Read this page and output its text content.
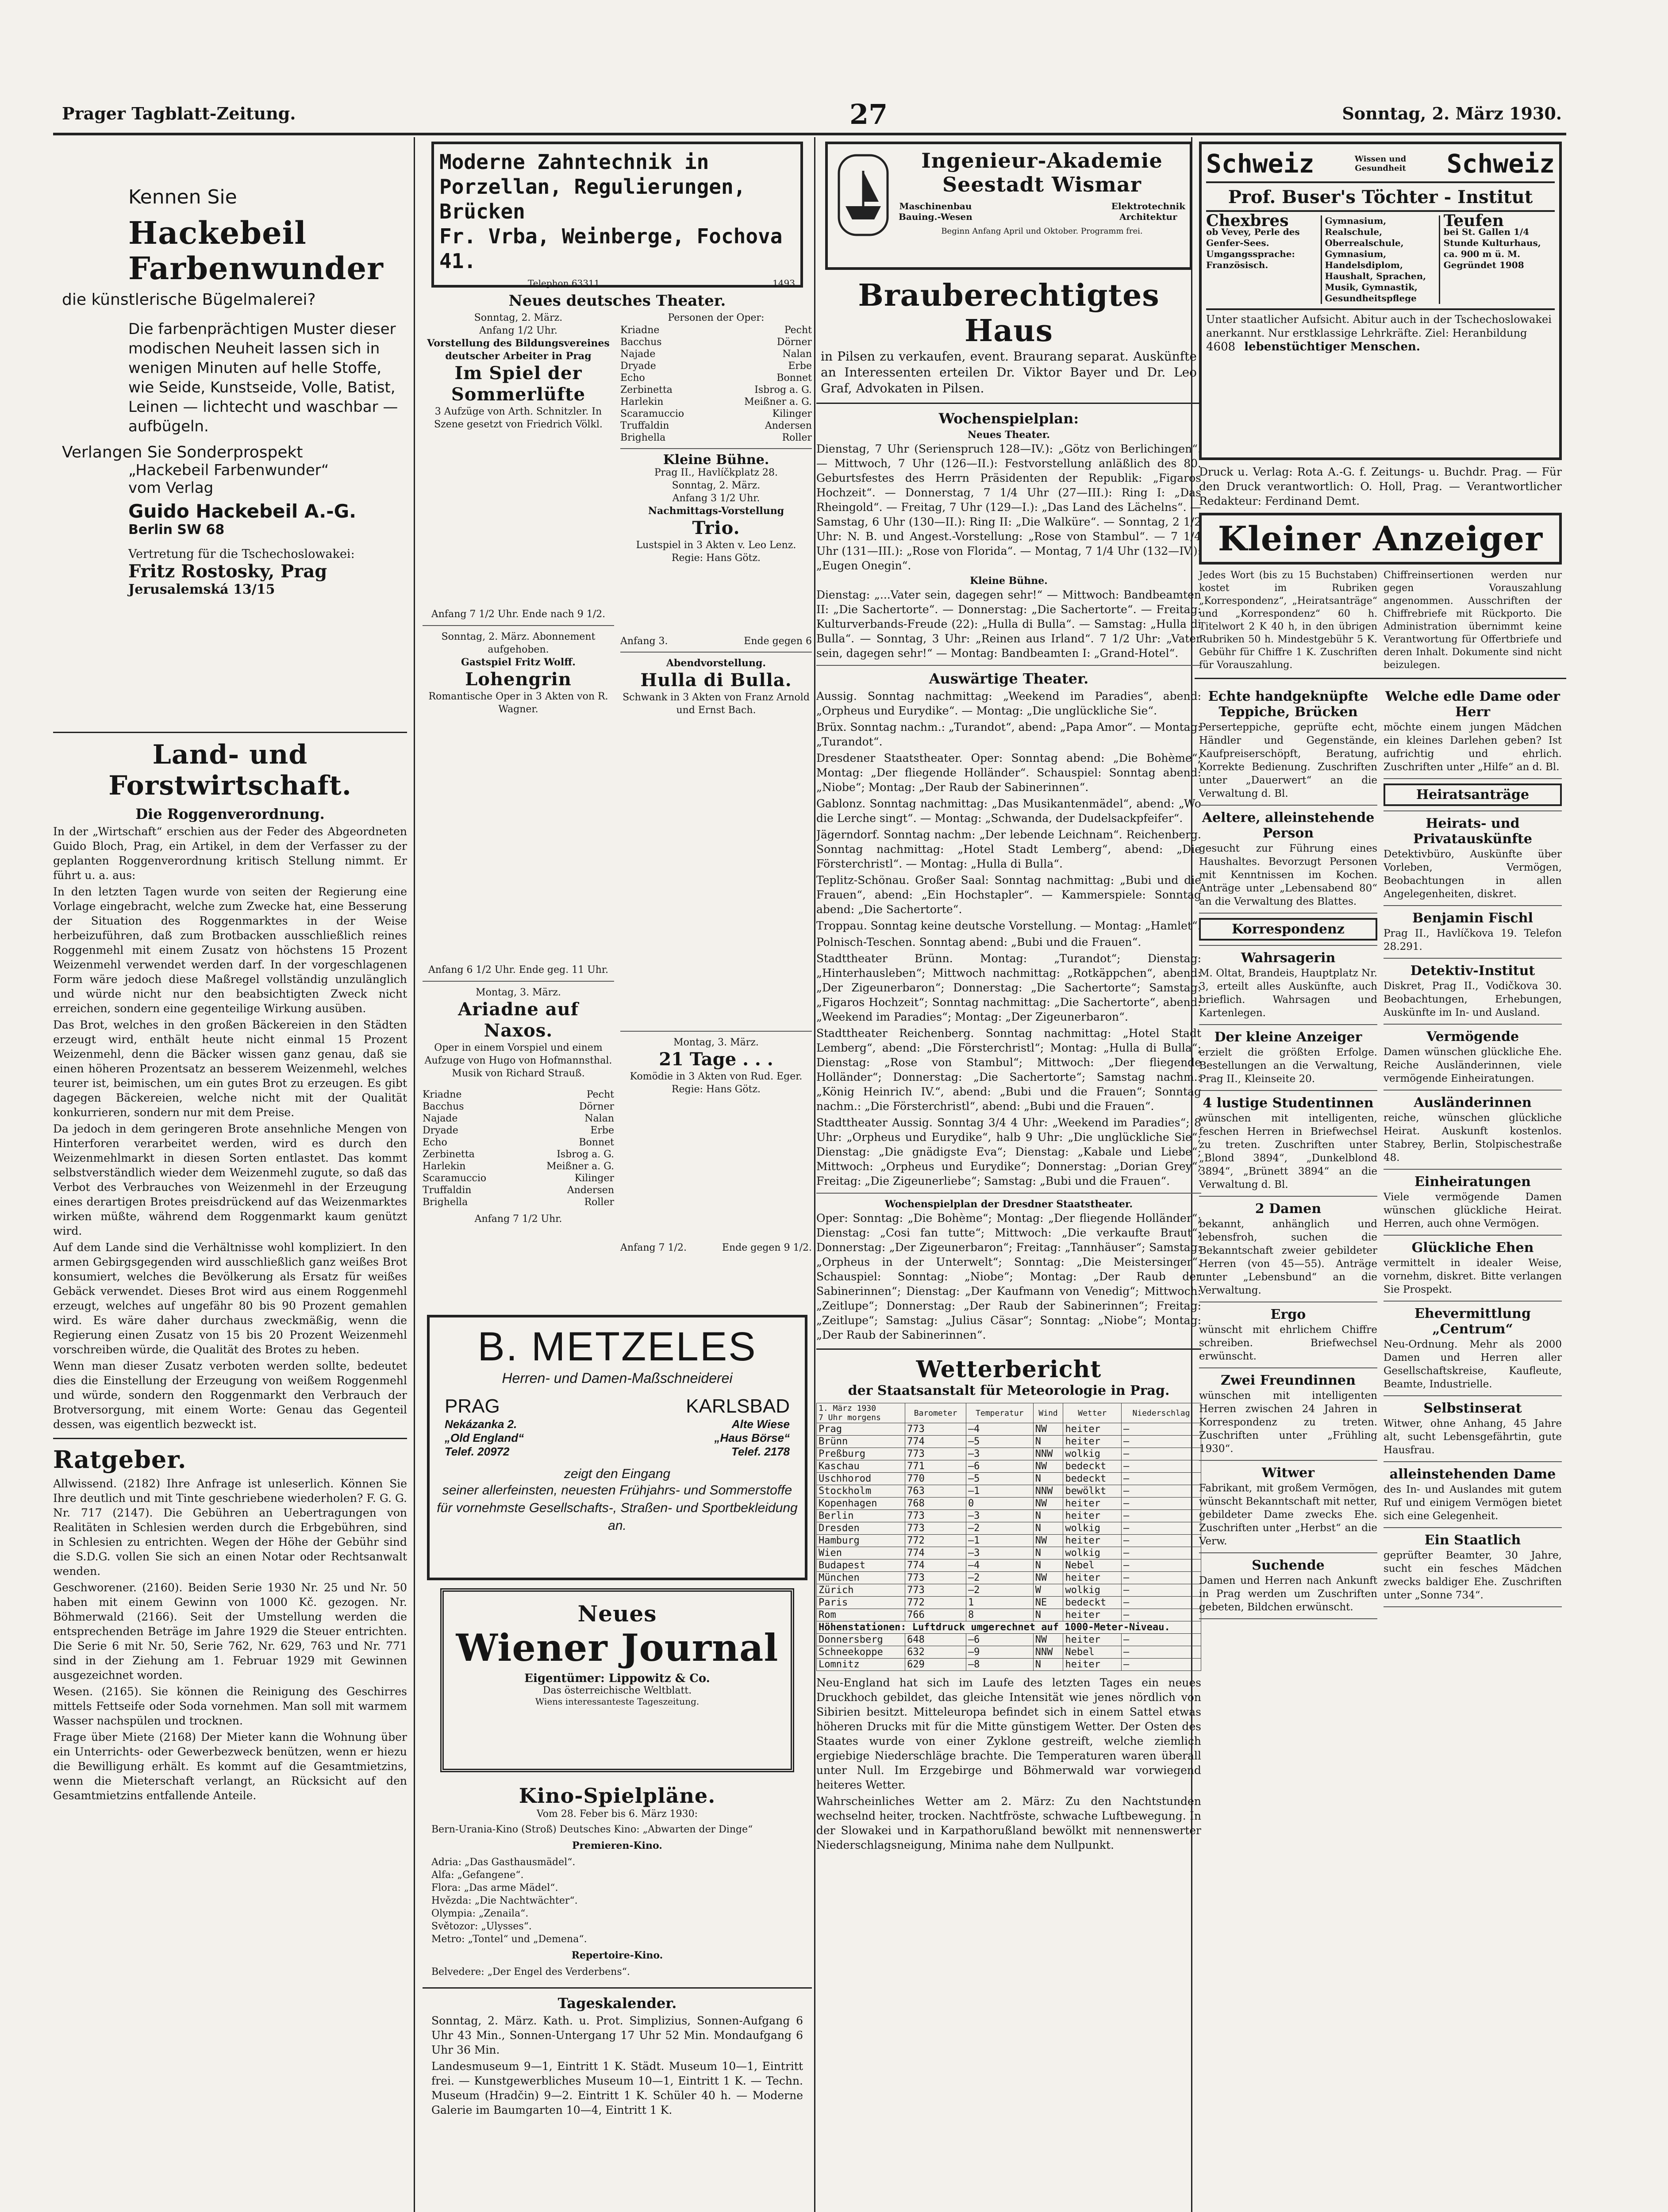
Prager Tagblatt-Zeitung.	27	Sonntag, 2. März 1930.
Kennen Sie
Hackebeil
Farbenwunder
die künstlerische Bügelmalerei?
Die farbenprächtigen Muster dieser modischen Neuheit lassen sich in wenigen Minuten auf helle Stoffe, wie Seide, Kunstseide, Volle, Batist, Leinen — lichtecht und waschbar — aufbügeln.
Verlangen Sie Sonderprospekt
„Hackebeil Farbenwunder“
vom Verlag
Guido Hackebeil A.-G.
Berlin SW 68
Vertretung für die Tschechoslowakei:
Fritz Rostosky, Prag
Jerusalemská 13/15
Land- und Forstwirtschaft.
Die Roggenverordnung.

In der „Wirtschaft“ erschien aus der Feder des Abgeordneten Guido Bloch, Prag, ein Artikel, in dem der Verfasser zu der geplanten Roggenverordnung kritisch Stellung nimmt. Er führt u. a. aus:

In den letzten Tagen wurde von seiten der Regierung eine Vorlage eingebracht, welche zum Zwecke hat, eine Besserung der Situation des Roggenmarktes in der Weise herbeizuführen, daß zum Brotbacken ausschließlich reines Roggenmehl mit einem Zusatz von höchstens 15 Prozent Weizenmehl verwendet werden darf. In der vorgeschlagenen Form wäre jedoch diese Maßregel vollständig unzulänglich und würde nicht nur den beabsichtigten Zweck nicht erreichen, sondern eine gegenteilige Wirkung ausüben.

Das Brot, welches in den großen Bäckereien in den Städten erzeugt wird, enthält heute nicht einmal 15 Prozent Weizenmehl, denn die Bäcker wissen ganz genau, daß sie einen höheren Prozentsatz an besserem Weizenmehl, welches teurer ist, beimischen, um ein gutes Brot zu erzeugen. Es gibt dagegen Bäckereien, welche nicht mit der Qualität konkurrieren, sondern nur mit dem Preise.

Da jedoch in dem geringeren Brote ansehnliche Mengen von Hinterforen verarbeitet werden, wird es durch den Weizenmehlmarkt in diesen Sorten entlastet. Das kommt selbstverständlich wieder dem Weizenmehl zugute, so daß das Verbot des Verbrauches von Weizenmehl in der Erzeugung eines derartigen Brotes preisdrückend auf das Weizenmarktes wirken müßte, während dem Roggenmarkt kaum genützt wird.

Auf dem Lande sind die Verhältnisse wohl kompliziert. In den armen Gebirgsgegenden wird ausschließlich ganz weißes Brot konsumiert, welches die Bevölkerung als Ersatz für weißes Gebäck verwendet. Dieses Brot wird aus einem Roggenmehl erzeugt, welches auf ungefähr 80 bis 90 Prozent gemahlen wird. Es wäre daher durchaus zweckmäßig, wenn die Regierung einen Zusatz von 15 bis 20 Prozent Weizenmehl vorschreiben würde, die Qualität des Brotes zu heben.

Wenn man dieser Zusatz verboten werden sollte, bedeutet dies die Einstellung der Erzeugung von weißem Roggenmehl und würde, sondern den Roggenmarkt den Verbrauch der Brotversorgung, mit einem Worte: Genau das Gegenteil dessen, was eigentlich bezweckt ist.

Ratgeber.

Allwissend. (2182) Ihre Anfrage ist unleserlich. Können Sie Ihre deutlich und mit Tinte geschriebene wiederholen? F. G. G. Nr. 717 (2147). Die Gebühren an Uebertragungen von Realitäten in Schlesien werden durch die Erbgebühren, sind in Schlesien zu entrichten. Wegen der Höhe der Gebühr sind die S.D.G. vollen Sie sich an einen Notar oder Rechtsanwalt wenden.

Geschworener. (2160). Beiden Serie 1930 Nr. 25 und Nr. 50 haben mit einem Gewinn von 1000 Kč. gezogen. Nr. Böhmerwald (2166). Seit der Umstellung werden die entsprechenden Beträge im Jahre 1929 die Steuer entrichten. Die Serie 6 mit Nr. 50, Serie 762, Nr. 629, 763 und Nr. 771 sind in der Ziehung am 1. Februar 1929 mit Gewinnen ausgezeichnet worden.

Wesen. (2165). Sie können die Reinigung des Geschirres mittels Fettseife oder Soda vornehmen. Man soll mit warmem Wasser nachspülen und trocknen.

Frage über Miete (2168) Der Mieter kann die Wohnung über ein Unterrichts- oder Gewerbezweck benützen, wenn er hiezu die Bewilligung erhält. Es kommt auf die Gesamtmietzins, wenn die Mieterschaft verlangt, an Rücksicht auf den Gesamtmietzins entfallende Anteile.

Moderne Zahntechnik in Porzellan, Regulierungen, Brücken
Fr. Vrba, Weinberge, Fochova 41.
Telephon 63311	1493
Neues deutsches Theater.
Sonntag, 2. März.
Anfang 1/2 Uhr.
Vorstellung des Bildungsvereines deutscher Arbeiter in Prag
Im Spiel der Sommerlüfte
3 Aufzüge von Arth. Schnitzler. In Szene gesetzt von Friedrich Völkl.
Anfang 7 1/2 Uhr. Ende nach 9 1/2.
Sonntag, 2. März. Abonnement aufgehoben.
Gastspiel Fritz Wolff.
Lohengrin
Romantische Oper in 3 Akten von R. Wagner.
Anfang 6 1/2 Uhr. Ende geg. 11 Uhr.
Montag, 3. März.
Ariadne auf Naxos.
Oper in einem Vorspiel und einem Aufzuge von Hugo von Hofmannsthal.
Musik von Richard Strauß.
Kriadne	Pecht
Bacchus	Dörner
Najade	Nalan
Dryade	Erbe
Echo	Bonnet
Zerbinetta	Isbrog a. G.
Harlekin	Meißner a. G.
Scaramuccio	Kilinger
Truffaldin	Andersen
Brighella	Roller
Anfang 7 1/2 Uhr.
Personen der Oper:
Kriadne	Pecht
Bacchus	Dörner
Najade	Nalan
Dryade	Erbe
Echo	Bonnet
Zerbinetta	Isbrog a. G.
Harlekin	Meißner a. G.
Scaramuccio	Kilinger
Truffaldin	Andersen
Brighella	Roller
Kleine Bühne.
Prag II., Havlíčkplatz 28.
Sonntag, 2. März.
Anfang 3 1/2 Uhr.
Nachmittags-Vorstellung
Trio.
Lustspiel in 3 Akten v. Leo Lenz.
Regie: Hans Götz.
Anfang 3.	Ende gegen 6
Abendvorstellung.
Hulla di Bulla.
Schwank in 3 Akten von Franz Arnold und Ernst Bach.
Montag, 3. März.
21 Tage . . .
Komödie in 3 Akten von Rud. Eger. Regie: Hans Götz.
Anfang 7 1/2.	Ende gegen 9 1/2.
B. METZELES
Herren- und Damen-Maßschneiderei
PRAG
Nekázanka 2.
„Old England“
Telef. 20972
KARLSBAD
Alte Wiese
„Haus Börse“
Telef. 2178
zeigt den Eingang
seiner allerfeinsten, neuesten Frühjahrs- und Sommerstoffe für vornehmste Gesellschafts-, Straßen- und Sportbekleidung an.
Neues
Wiener Journal
Eigentümer: Lippowitz & Co.
Das österreichische Weltblatt.
Wiens interessanteste Tageszeitung.
Kino-Spielpläne.
Vom 28. Feber bis 6. März 1930:
Bern-Urania-Kino (Stroß) Deutsches Kino: „Abwarten der Dinge“
Premieren-Kino.
Adria: „Das Gasthausmädel“.
Alfa: „Gefangene“.
Flora: „Das arme Mädel“.
Hvězda: „Die Nachtwächter“.
Olympia: „Zenaila“.
Světozor: „Ulysses“.
Metro: „Tontel“ und „Demena“.
Repertoire-Kino.
Belvedere: „Der Engel des Verderbens“.
Tageskalender.

Sonntag, 2. März. Kath. u. Prot. Simplizius, Sonnen-Aufgang 6 Uhr 43 Min., Sonnen-Untergang 17 Uhr 52 Min. Mondaufgang 6 Uhr 36 Min.

Landesmuseum 9—1, Eintritt 1 K. Städt. Museum 10—1, Eintritt frei. — Kunstgewerbliches Museum 10—1, Eintritt 1 K. — Techn. Museum (Hradčin) 9—2. Eintritt 1 K. Schüler 40 h. — Moderne Galerie im Baumgarten 10—4, Eintritt 1 K.

Ingenieur-Akademie
Seestadt Wismar
Maschinenbau
Bauing.-Wesen
Elektrotechnik
Architektur
Beginn Anfang April und Oktober. Programm frei.
Brauberechtigtes Haus

in Pilsen zu verkaufen, event. Braurang separat. Auskünfte an Interessenten erteilen Dr. Viktor Bayer und Dr. Leo Graf, Advokaten in Pilsen.

Wochenspielplan:
Neues Theater.

Dienstag, 7 Uhr (Serienspruch 128—IV.): „Götz von Berlichingen“. — Mittwoch, 7 Uhr (126—II.): Festvorstellung anläßlich des 80. Geburtsfestes des Herrn Präsidenten der Republik: „Figaros Hochzeit“. — Donnerstag, 7 1/4 Uhr (27—III.): Ring I: „Das Rheingold“. — Freitag, 7 Uhr (129—I.): „Das Land des Lächelns“. — Samstag, 6 Uhr (130—II.): Ring II: „Die Walküre“. — Sonntag, 2 1/2 Uhr: N. B. und Angest.-Vorstellung: „Rose von Stambul“. — 7 1/4 Uhr (131—III.): „Rose von Florida“. — Montag, 7 1/4 Uhr (132—IV.): „Eugen Onegin“.

Kleine Bühne.

Dienstag: „...Vater sein, dagegen sehr!“ — Mittwoch: Bandbeamten II: „Die Sachertorte“. — Donnerstag: „Die Sachertorte“. — Freitag: Kulturverbands-Freude (22): „Hulla di Bulla“. — Samstag: „Hulla di Bulla“. — Sonntag, 3 Uhr: „Reinen aus Irland“. 7 1/2 Uhr: „Vater sein, dagegen sehr!“ — Montag: Bandbeamten I: „Grand-Hotel“.

Auswärtige Theater.

Aussig. Sonntag nachmittag: „Weekend im Paradies“, abend: „Orpheus und Eurydike“. — Montag: „Die unglückliche Sie“.

Brüx. Sonntag nachm.: „Turandot“, abend: „Papa Amor“. — Montag: „Turandot“.

Dresdener Staatstheater. Oper: Sonntag abend: „Die Bohème“; Montag: „Der fliegende Holländer“. Schauspiel: Sonntag abend: „Niobe“; Montag: „Der Raub der Sabinerinnen“.

Gablonz. Sonntag nachmittag: „Das Musikantenmädel“, abend: „Wo die Lerche singt“. — Montag: „Schwanda, der Dudelsackpfeifer“.

Jägerndorf. Sonntag nachm: „Der lebende Leichnam“. Reichenberg. Sonntag nachmittag: „Hotel Stadt Lemberg“, abend: „Die Försterchristl“. — Montag: „Hulla di Bulla“.

Teplitz-Schönau. Großer Saal: Sonntag nachmittag: „Bubi und die Frauen“, abend: „Ein Hochstapler“. — Kammerspiele: Sonntag abend: „Die Sachertorte“.

Troppau. Sonntag keine deutsche Vorstellung. — Montag: „Hamlet“.

Polnisch-Teschen. Sonntag abend: „Bubi und die Frauen“.

Stadttheater Brünn. Montag: „Turandot“; Dienstag: „Hinterhausleben“; Mittwoch nachmittag: „Rotkäppchen“, abend: „Der Zigeunerbaron“; Donnerstag: „Die Sachertorte“; Samstag: „Figaros Hochzeit“; Sonntag nachmittag: „Die Sachertorte“, abend: „Weekend im Paradies“; Montag: „Der Zigeunerbaron“.

Stadttheater Reichenberg. Sonntag nachmittag: „Hotel Stadt Lemberg“, abend: „Die Försterchristl“; Montag: „Hulla di Bulla“; Dienstag: „Rose von Stambul“; Mittwoch: „Der fliegende Holländer“; Donnerstag: „Die Sachertorte“; Samstag nachm.: „König Heinrich IV.“, abend: „Bubi und die Frauen“; Sonntag nachm.: „Die Försterchristl“, abend: „Bubi und die Frauen“.

Stadttheater Aussig. Sonntag 3/4 4 Uhr: „Weekend im Paradies“; 8 Uhr: „Orpheus und Eurydike“, halb 9 Uhr: „Die unglückliche Sie“; Dienstag: „Die gnädigste Eva“; Dienstag: „Kabale und Liebe“; Mittwoch: „Orpheus und Eurydike“; Donnerstag: „Dorian Grey“; Freitag: „Die Zigeunerliebe“; Samstag: „Bubi und die Frauen“.

Wochenspielplan der Dresdner Staatstheater.

Oper: Sonntag: „Die Bohème“; Montag: „Der fliegende Holländer“; Dienstag: „Cosi fan tutte“; Mittwoch: „Die verkaufte Braut“; Donnerstag: „Der Zigeunerbaron“; Freitag: „Tannhäuser“; Samstag: „Orpheus in der Unterwelt“; Sonntag: „Die Meistersinger“. Schauspiel: Sonntag: „Niobe“; Montag: „Der Raub der Sabinerinnen“; Dienstag: „Der Kaufmann von Venedig“; Mittwoch: „Zeitlupe“; Donnerstag: „Der Raub der Sabinerinnen“; Freitag: „Zeitlupe“; Samstag: „Julius Cäsar“; Sonntag: „Niobe“; Montag: „Der Raub der Sabinerinnen“.

Wetterbericht
der Staatsanstalt für Meteorologie in Prag.
1. März 1930
7 Uhr morgens	Barometer	Temperatur	Wind	Wetter	Niederschlag
Prag	773	—4	NW	heiter	—
Brünn	774	—5	N	heiter	—
Preßburg	773	—3	NNW	wolkig	—
Kaschau	771	—6	NW	bedeckt	—
Uschhorod	770	—5	N	bedeckt	—
Stockholm	763	—1	NNW	bewölkt	—
Kopenhagen	768	0	NW	heiter	—
Berlin	773	—3	N	heiter	—
Dresden	773	—2	N	wolkig	—
Hamburg	772	—1	NW	heiter	—
Wien	774	—3	N	wolkig	—
Budapest	774	—4	N	Nebel	—
München	773	—2	NW	heiter	—
Zürich	773	—2	W	wolkig	—
Paris	772	1	NE	bedeckt	—
Rom	766	8	N	heiter	—
Höhenstationen: Luftdruck umgerechnet auf 1000-Meter-Niveau.					
Donnersberg	648	—6	NW	heiter	—
Schneekoppe	632	—9	NNW	Nebel	—
Lomnitz	629	—8	N	heiter	—

Neu-England hat sich im Laufe des letzten Tages ein neues Druckhoch gebildet, das gleiche Intensität wie jenes nördlich von Sibirien besitzt. Mitteleuropa befindet sich in einem Sattel etwas höheren Drucks mit für die Mitte günstigem Wetter. Der Osten des Staates wurde von einer Zyklone gestreift, welche ziemlich ergiebige Niederschläge brachte. Die Temperaturen waren überall unter Null. Im Erzgebirge und Böhmerwald war vorwiegend heiteres Wetter.

Wahrscheinliches Wetter am 2. März: Zu den Nachtstunden wechselnd heiter, trocken. Nachtfröste, schwache Luftbewegung. In der Slowakei und in Karpathorußland bewölkt mit nennenswerter Niederschlagsneigung, Minima nahe dem Nullpunkt.

Schweiz	Wissen und Gesundheit Schweiz
Prof. Buser's Töchter - Institut
Chexbres
ob Vevey, Perle des Genfer-Sees. Umgangssprache: Französisch.
Gymnasium, Realschule, Oberrealschule, Gymnasium, Handelsdiplom, Haushalt, Sprachen, Musik, Gymnastik, Gesundheitspflege
Teufen
bei St. Gallen 1/4 Stunde Kulturhaus, ca. 900 m ü. M. Gegründet 1908
Unter staatlicher Aufsicht. Abitur auch in der Tschechoslowakei anerkannt. Nur erstklassige Lehrkräfte. Ziel: Heranbildung
4608 lebenstüchtiger Menschen.

Druck u. Verlag: Rota A.-G. f. Zeitungs- u. Buchdr. Prag. — Für den Druck verantwortlich: O. Holl, Prag. — Verantwortlicher Redakteur: Ferdinand Demt.

Kleiner Anzeiger
Jedes Wort (bis zu 15 Buchstaben) kostet im Rubriken „Korrespondenz“, „Heiratsanträge“ und „Korrespondenz“ 60 h. Titelwort 2 K 40 h, in den übrigen Rubriken 50 h. Mindestgebühr 5 K. Gebühr für Chiffre 1 K. Zuschriften für Vorauszahlung.
Chiffreinsertionen werden nur gegen Vorauszahlung angenommen. Ausschriften der Chiffrebriefe mit Rückporto. Die Administration übernimmt keine Verantwortung für Offertbriefe und deren Inhalt. Dokumente sind nicht beizulegen.
Echte handgeknüpfte Teppiche, Brücken
Perserteppiche, geprüfte echt, Händler und Gegenstände, Kaufpreiserschöpft, Beratung, Korrekte Bedienung. Zuschriften unter „Dauerwert“ an die Verwaltung d. Bl.
Aeltere, alleinstehende Person
gesucht zur Führung eines Haushaltes. Bevorzugt Personen mit Kenntnissen im Kochen. Anträge unter „Lebensabend 80“ an die Verwaltung des Blattes.
Korrespondenz
Wahrsagerin
M. Oltat, Brandeis, Hauptplatz Nr. 3, erteilt alles Auskünfte, auch brieflich. Wahrsagen und Kartenlegen.
Der kleine Anzeiger
erzielt die größten Erfolge. Bestellungen an die Verwaltung, Prag II., Kleinseite 20.
4 lustige Studentinnen
wünschen mit intelligenten, feschen Herren in Briefwechsel zu treten. Zuschriften unter „Blond 3894“, „Dunkelblond 3894“, „Brünett 3894“ an die Verwaltung d. Bl.
2 Damen
bekannt, anhänglich und lebensfroh, suchen die Bekanntschaft zweier gebildeter Herren (von 45—55). Anträge unter „Lebensbund“ an die Verwaltung.
Ergo
wünscht mit ehrlichem Chiffre schreiben. Briefwechsel erwünscht.
Zwei Freundinnen
wünschen mit intelligenten Herren zwischen 24 Jahren in Korrespondenz zu treten. Zuschriften unter „Frühling 1930“.
Witwer
Fabrikant, mit großem Vermögen, wünscht Bekanntschaft mit netter, gebildeter Dame zwecks Ehe. Zuschriften unter „Herbst“ an die Verw.
Suchende
Damen und Herren nach Ankunft in Prag werden um Zuschriften gebeten, Bildchen erwünscht.
Welche edle Dame oder Herr
möchte einem jungen Mädchen ein kleines Darlehen geben? Ist aufrichtig und ehrlich. Zuschriften unter „Hilfe“ an d. Bl.
Heiratsanträge
Heirats- und Privatauskünfte
Detektivbüro, Auskünfte über Vorleben, Vermögen, Beobachtungen in allen Angelegenheiten, diskret.
Benjamin Fischl
Prag II., Havlíčkova 19. Telefon 28.291.
Detektiv-Institut
Diskret, Prag II., Vodičkova 30. Beobachtungen, Erhebungen, Auskünfte im In- und Ausland.
Vermögende
Damen wünschen glückliche Ehe. Reiche Ausländerinnen, viele vermögende Einheiratungen.
Ausländerinnen
reiche, wünschen glückliche Heirat. Auskunft kostenlos. Stabrey, Berlin, Stolpischestraße 48.
Einheiratungen
Viele vermögende Damen wünschen glückliche Heirat. Herren, auch ohne Vermögen.
Glückliche Ehen
vermittelt in idealer Weise, vornehm, diskret. Bitte verlangen Sie Prospekt.
Ehevermittlung „Centrum“
Neu-Ordnung. Mehr als 2000 Damen und Herren aller Gesellschaftskreise, Kaufleute, Beamte, Industrielle.
Selbstinserat
Witwer, ohne Anhang, 45 Jahre alt, sucht Lebensgefährtin, gute Hausfrau.
alleinstehenden Dame
des In- und Auslandes mit gutem Ruf und einigem Vermögen bietet sich eine Gelegenheit.
Ein Staatlich
geprüfter Beamter, 30 Jahre, sucht ein fesches Mädchen zwecks baldiger Ehe. Zuschriften unter „Sonne 734“.
